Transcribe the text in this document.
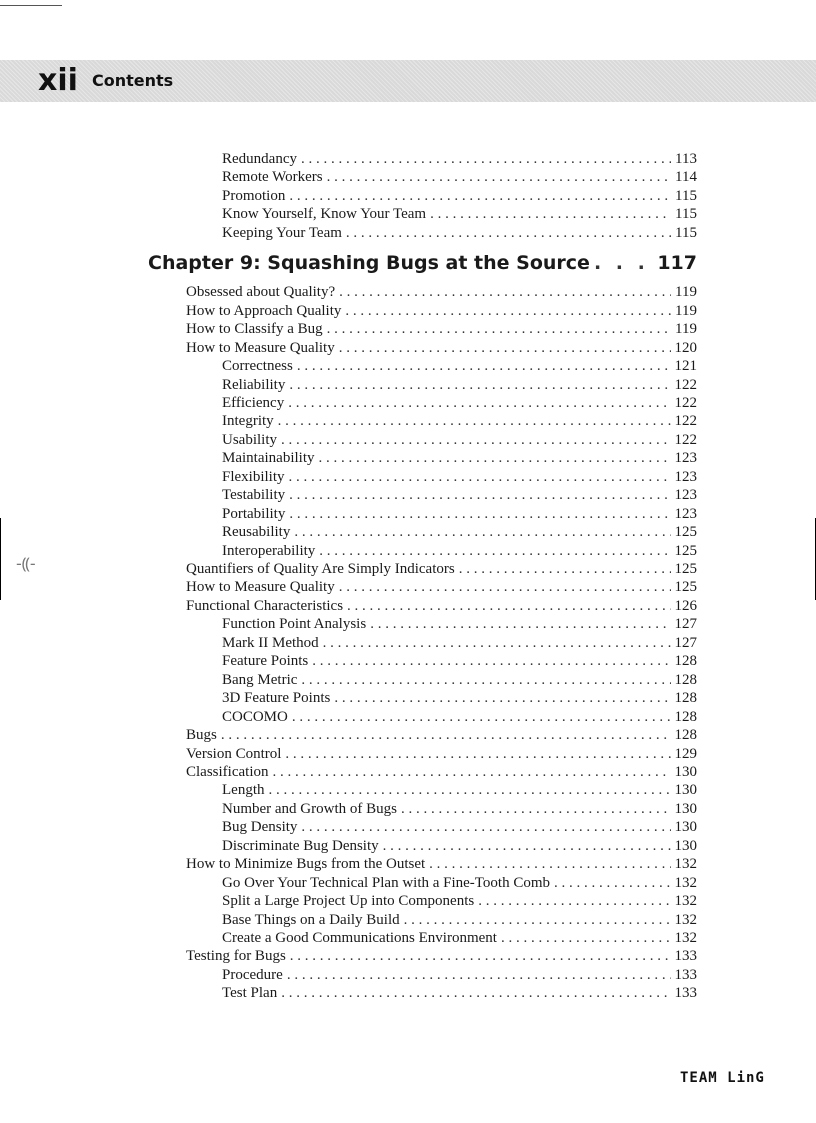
xii Contents
Redundancy . . .	113
Remote Workers . . .	114
Promotion . . .	115
Know Yourself, Know Your Team . . .	115
Keeping Your Team . . .	115
Chapter 9: Squashing Bugs at the Source . . .	117
Obsessed about Quality? . . .	119
How to Approach Quality . . .	119
How to Classify a Bug . . .	119
How to Measure Quality . . .	120
Correctness . . .	121
Reliability . . .	122
Efficiency . . .	122
Integrity . . .	122
Usability . . .	122
Maintainability . . .	123
Flexibility . . .	123
Testability . . .	123
Portability . . .	123
Reusability . . .	125
Interoperability . . .	125
Quantifiers of Quality Are Simply Indicators . . .	125
How to Measure Quality . . .	125
Functional Characteristics . . .	126
Function Point Analysis . . .	127
Mark II Method . . .	127
Feature Points . . .	128
Bang Metric . . .	128
3D Feature Points . . .	128
COCOMO . . .	128
Bugs . . .	128
Version Control . . .	129
Classification . . .	130
Length . . .	130
Number and Growth of Bugs . . .	130
Bug Density . . .	130
Discriminate Bug Density . . .	130
How to Minimize Bugs from the Outset . . .	132
Go Over Your Technical Plan with a Fine-Tooth Comb . . .	132
Split a Large Project Up into Components . . .	132
Base Things on a Daily Build . . .	132
Create a Good Communications Environment . . .	132
Testing for Bugs . . .	133
Procedure . . .	133
Test Plan . . .	133
-⸨-
TEAM LinG
